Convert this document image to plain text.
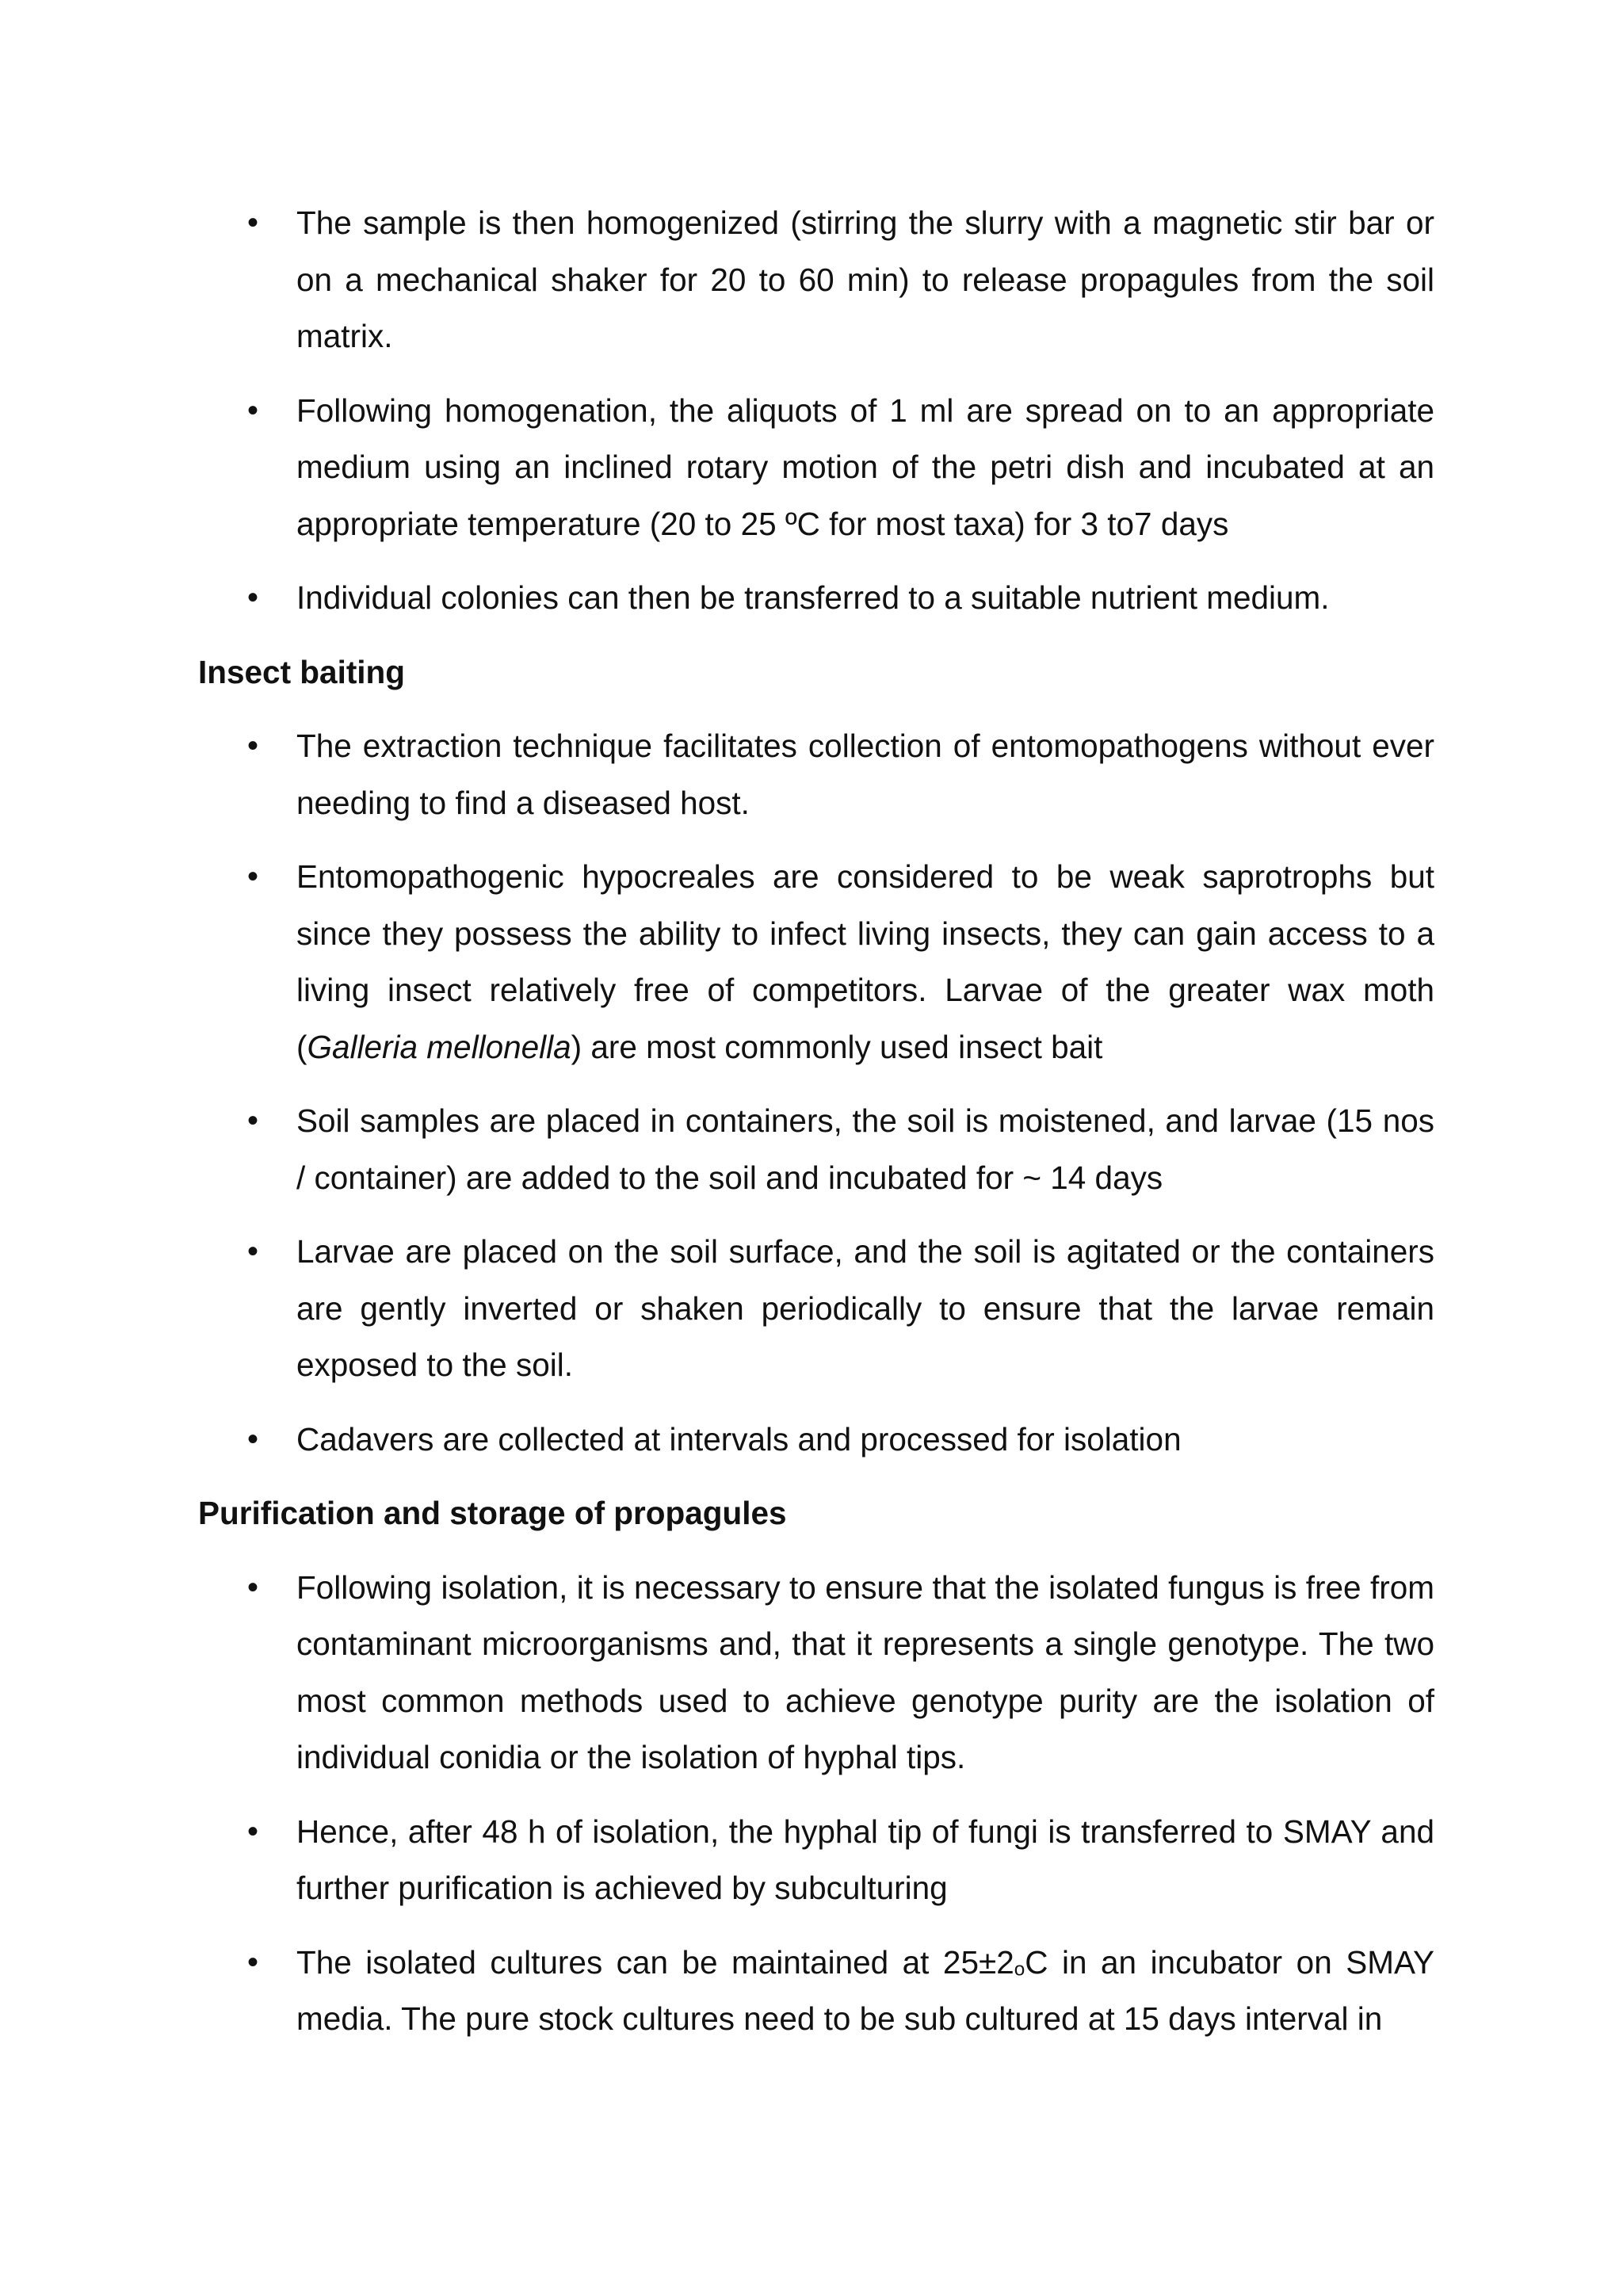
•	The sample is then homogenized (stirring the slurry with a magnetic stir bar or on a mechanical shaker for 20 to 60 min) to release propagules from the soil matrix.
•	Following homogenation, the aliquots of 1 ml are spread on to an appropriate medium using an inclined rotary motion of the petri dish and incubated at an appropriate temperature (20 to 25 ºC for most taxa) for 3 to7 days
•	Individual colonies can then be transferred to a suitable nutrient medium.
Insect baiting
•	The extraction technique facilitates collection of entomopathogens without ever needing to find a diseased host.
•	Entomopathogenic hypocreales are considered to be weak saprotrophs but since they possess the ability to infect living insects, they can gain access to a living insect relatively free of competitors. Larvae of the greater wax moth (Galleria mellonella) are most commonly used insect bait
•	Soil samples are placed in containers, the soil is moistened, and larvae (15 nos / container) are added to the soil and incubated for ~ 14 days
•	Larvae are placed on the soil surface, and the soil is agitated or the containers are gently inverted or shaken periodically to ensure that the larvae remain exposed to the soil.
•	Cadavers are collected at intervals and processed for isolation
Purification and storage of propagules
•	Following isolation, it is necessary to ensure that the isolated fungus is free from contaminant microorganisms and, that it represents a single genotype. The two most common methods used to achieve genotype purity are the isolation of individual conidia or the isolation of hyphal tips.
•	Hence, after 48 h of isolation, the hyphal tip of fungi is transferred to SMAY and further purification is achieved by subculturing
•	The isolated cultures can be maintained at $25\pm 2_oC$ in an incubator on SMAY media. The pure stock cultures need to be sub cultured at 15 days interval in
